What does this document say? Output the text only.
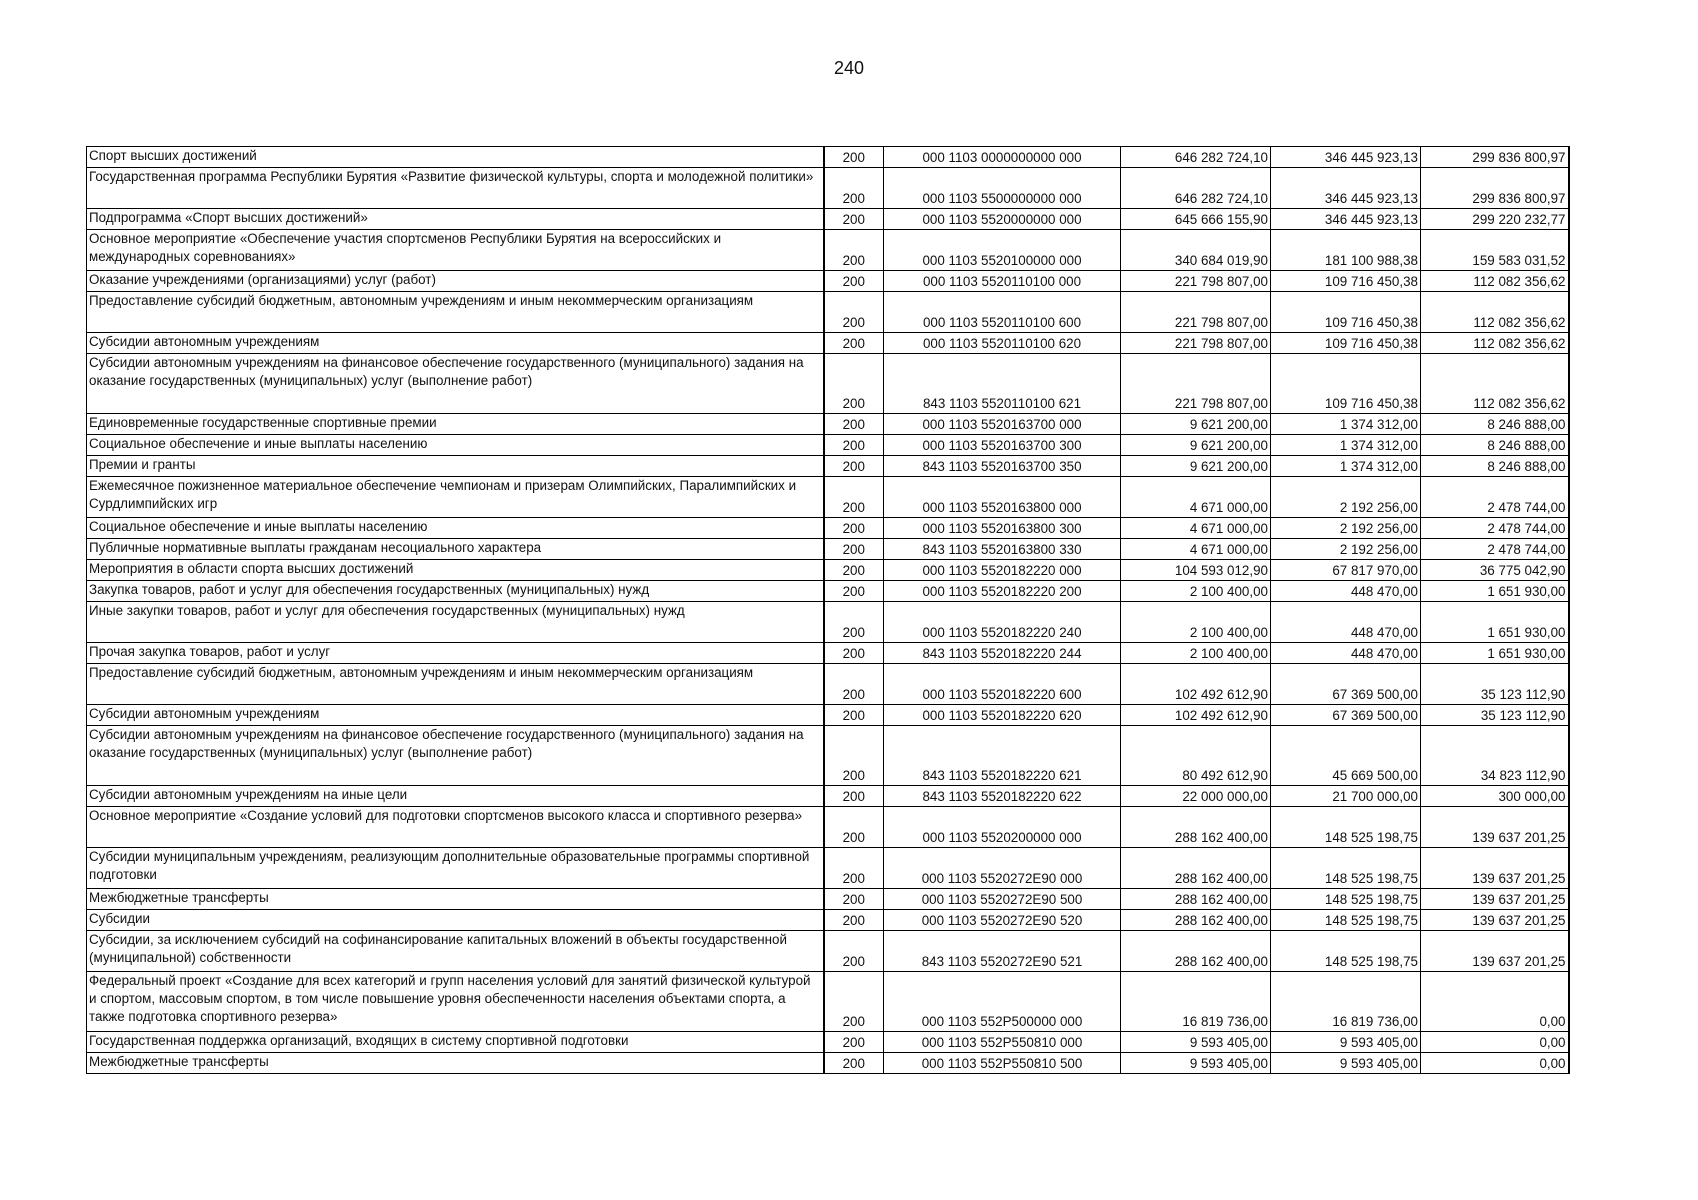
240
Спорт высших достижений	200	000 1103 0000000000 000	646 282 724,10	346 445 923,13	299 836 800,97
Государственная программа Республики Бурятия «Развитие физической культуры, спорта и молодежной политики»	200	000 1103 5500000000 000	646 282 724,10	346 445 923,13	299 836 800,97
Подпрограмма «Спорт высших достижений»	200	000 1103 5520000000 000	645 666 155,90	346 445 923,13	299 220 232,77
Основное мероприятие «Обеспечение участия спортсменов Республики Бурятия на всероссийских и международных соревнованиях»	200	000 1103 5520100000 000	340 684 019,90	181 100 988,38	159 583 031,52
Оказание учреждениями (организациями) услуг (работ)	200	000 1103 5520110100 000	221 798 807,00	109 716 450,38	112 082 356,62
Предоставление субсидий бюджетным, автономным учреждениям и иным некоммерческим организациям	200	000 1103 5520110100 600	221 798 807,00	109 716 450,38	112 082 356,62
Субсидии автономным учреждениям	200	000 1103 5520110100 620	221 798 807,00	109 716 450,38	112 082 356,62
Субсидии автономным учреждениям на финансовое обеспечение государственного (муниципального) задания на оказание государственных (муниципальных) услуг (выполнение работ)	200	843 1103 5520110100 621	221 798 807,00	109 716 450,38	112 082 356,62
Единовременные государственные спортивные премии	200	000 1103 5520163700 000	9 621 200,00	1 374 312,00	8 246 888,00
Социальное обеспечение и иные выплаты населению	200	000 1103 5520163700 300	9 621 200,00	1 374 312,00	8 246 888,00
Премии и гранты	200	843 1103 5520163700 350	9 621 200,00	1 374 312,00	8 246 888,00
Ежемесячное пожизненное материальное обеспечение чемпионам и призерам Олимпийских, Паралимпийских и Сурдлимпийских игр	200	000 1103 5520163800 000	4 671 000,00	2 192 256,00	2 478 744,00
Социальное обеспечение и иные выплаты населению	200	000 1103 5520163800 300	4 671 000,00	2 192 256,00	2 478 744,00
Публичные нормативные выплаты гражданам несоциального характера	200	843 1103 5520163800 330	4 671 000,00	2 192 256,00	2 478 744,00
Мероприятия в области спорта высших достижений	200	000 1103 5520182220 000	104 593 012,90	67 817 970,00	36 775 042,90
Закупка товаров, работ и услуг для обеспечения государственных (муниципальных) нужд	200	000 1103 5520182220 200	2 100 400,00	448 470,00	1 651 930,00
Иные закупки товаров, работ и услуг для обеспечения государственных (муниципальных) нужд	200	000 1103 5520182220 240	2 100 400,00	448 470,00	1 651 930,00
Прочая закупка товаров, работ и услуг	200	843 1103 5520182220 244	2 100 400,00	448 470,00	1 651 930,00
Предоставление субсидий бюджетным, автономным учреждениям и иным некоммерческим организациям	200	000 1103 5520182220 600	102 492 612,90	67 369 500,00	35 123 112,90
Субсидии автономным учреждениям	200	000 1103 5520182220 620	102 492 612,90	67 369 500,00	35 123 112,90
Субсидии автономным учреждениям на финансовое обеспечение государственного (муниципального) задания на оказание государственных (муниципальных) услуг (выполнение работ)	200	843 1103 5520182220 621	80 492 612,90	45 669 500,00	34 823 112,90
Субсидии автономным учреждениям на иные цели	200	843 1103 5520182220 622	22 000 000,00	21 700 000,00	300 000,00
Основное мероприятие «Создание условий для подготовки спортсменов высокого класса и спортивного резерва»	200	000 1103 5520200000 000	288 162 400,00	148 525 198,75	139 637 201,25
Субсидии муниципальным учреждениям, реализующим дополнительные образовательные программы спортивной подготовки	200	000 1103 5520272E90 000	288 162 400,00	148 525 198,75	139 637 201,25
Межбюджетные трансферты	200	000 1103 5520272E90 500	288 162 400,00	148 525 198,75	139 637 201,25
Субсидии	200	000 1103 5520272E90 520	288 162 400,00	148 525 198,75	139 637 201,25
Субсидии, за исключением субсидий на софинансирование капитальных вложений в объекты государственной (муниципальной) собственности	200	843 1103 5520272E90 521	288 162 400,00	148 525 198,75	139 637 201,25
Федеральный проект «Создание для всех категорий и групп населения условий для занятий физической культурой и спортом, массовым спортом, в том числе повышение уровня обеспеченности населения объектами спорта, а также подготовка спортивного резерва»	200	000 1103 552P500000 000	16 819 736,00	16 819 736,00	0,00
Государственная поддержка организаций, входящих в систему спортивной подготовки	200	000 1103 552P550810 000	9 593 405,00	9 593 405,00	0,00
Межбюджетные трансферты	200	000 1103 552P550810 500	9 593 405,00	9 593 405,00	0,00
